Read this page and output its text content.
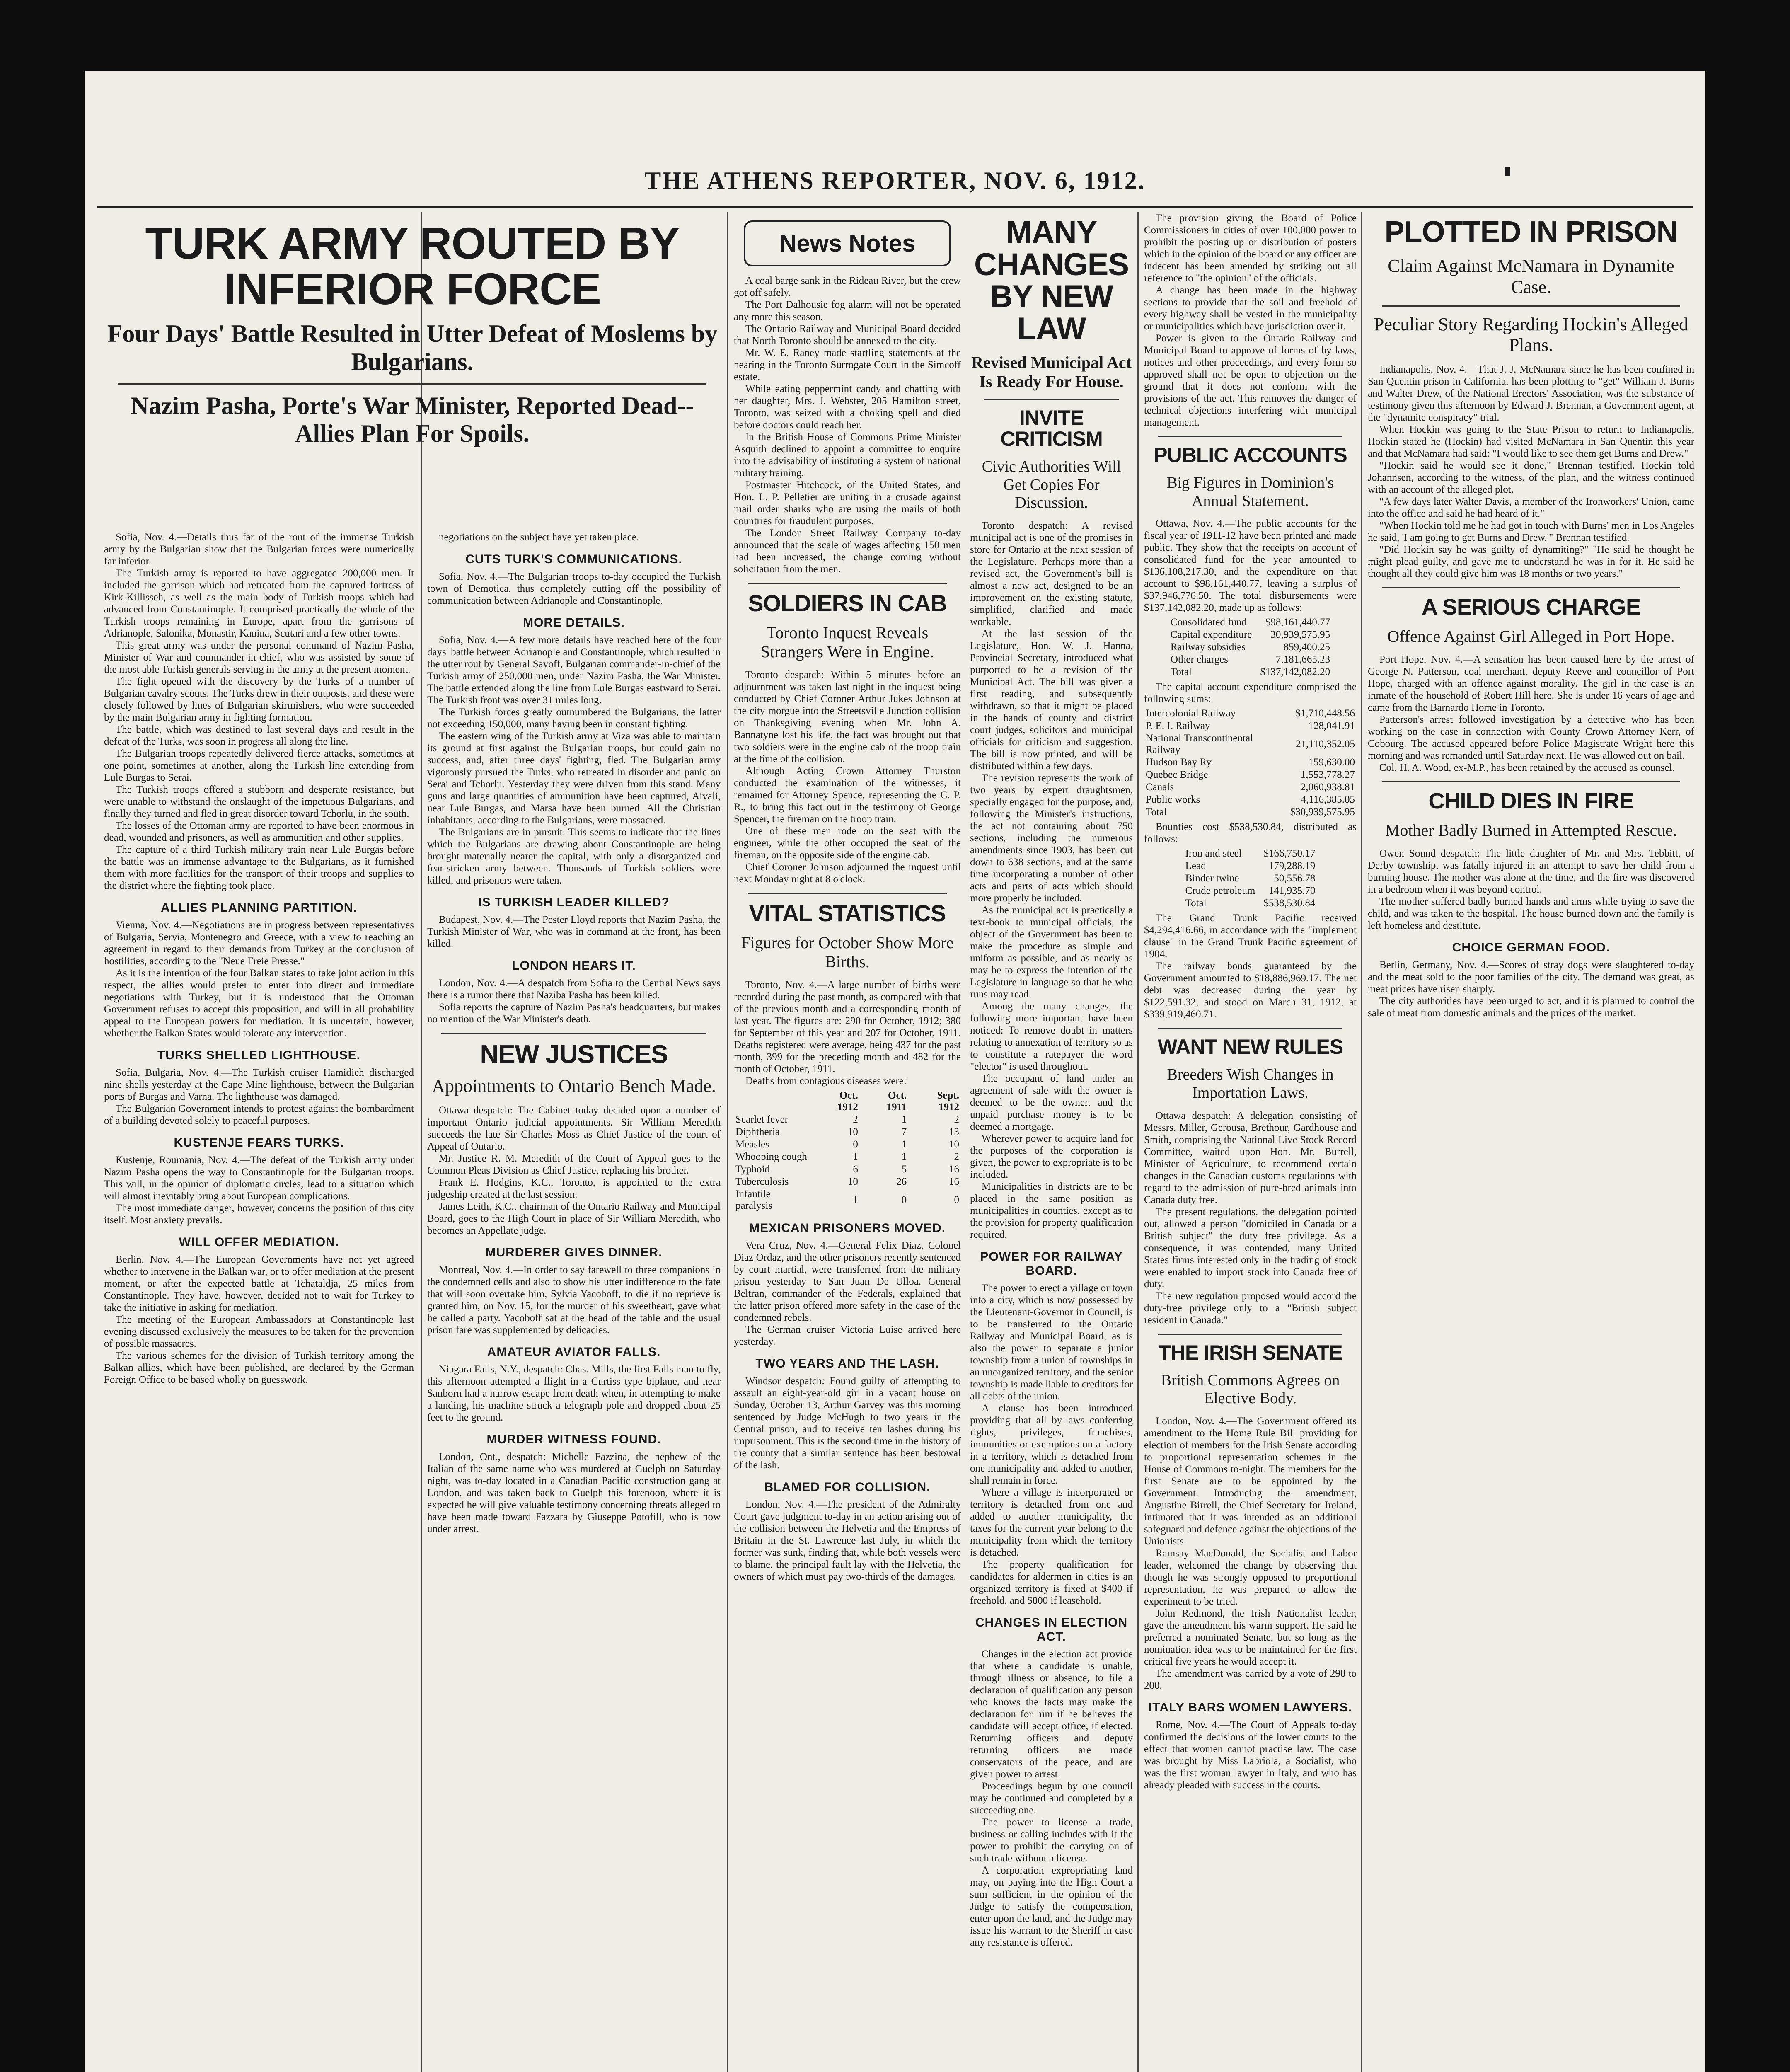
THE ATHENS REPORTER, NOV. 6, 1912.
TURK ARMY ROUTED BY INFERIOR FORCE
Four Days' Battle Resulted in Utter Defeat of Moslems by Bulgarians.
Nazim Pasha, Porte's War Minister, Reported Dead--Allies Plan For Spoils.

Sofia, Nov. 4.—Details thus far of the rout of the immense Turkish army by the Bulgarian show that the Bulgarian forces were numerically far inferior.

The Turkish army is reported to have aggregated 200,000 men. It included the garrison which had retreated from the captured fortress of Kirk-Killisseh, as well as the main body of Turkish troops which had advanced from Constantinople. It comprised practically the whole of the Turkish troops remaining in Europe, apart from the garrisons of Adrianople, Salonika, Monastir, Kanina, Scutari and a few other towns.

This great army was under the personal command of Nazim Pasha, Minister of War and commander-in-chief, who was assisted by some of the most able Turkish generals serving in the army at the present moment.

The fight opened with the discovery by the Turks of a number of Bulgarian cavalry scouts. The Turks drew in their outposts, and these were closely followed by lines of Bulgarian skirmishers, who were succeeded by the main Bulgarian army in fighting formation.

The battle, which was destined to last several days and result in the defeat of the Turks, was soon in progress all along the line.

The Bulgarian troops repeatedly delivered fierce attacks, sometimes at one point, sometimes at another, along the Turkish line extending from Lule Burgas to Serai.

The Turkish troops offered a stubborn and desperate resistance, but were unable to withstand the onslaught of the impetuous Bulgarians, and finally they turned and fled in great disorder toward Tchorlu, in the south.

The losses of the Ottoman army are reported to have been enormous in dead, wounded and prisoners, as well as ammunition and other supplies.

The capture of a third Turkish military train near Lule Burgas before the battle was an immense advantage to the Bulgarians, as it furnished them with more facilities for the transport of their troops and supplies to the district where the fighting took place.

ALLIES PLANNING PARTITION.

Vienna, Nov. 4.—Negotiations are in progress between representatives of Bulgaria, Servia, Montenegro and Greece, with a view to reaching an agreement in regard to their demands from Turkey at the conclusion of hostilities, according to the "Neue Freie Presse."

As it is the intention of the four Balkan states to take joint action in this respect, the allies would prefer to enter into direct and immediate negotiations with Turkey, but it is understood that the Ottoman Government refuses to accept this proposition, and will in all probability appeal to the European powers for mediation. It is uncertain, however, whether the Balkan States would tolerate any intervention.

TURKS SHELLED LIGHTHOUSE.

Sofia, Bulgaria, Nov. 4.—The Turkish cruiser Hamidieh discharged nine shells yesterday at the Cape Mine lighthouse, between the Bulgarian ports of Burgas and Varna. The lighthouse was damaged.

The Bulgarian Government intends to protest against the bombardment of a building devoted solely to peaceful purposes.

KUSTENJE FEARS TURKS.

Kustenje, Roumania, Nov. 4.—The defeat of the Turkish army under Nazim Pasha opens the way to Constantinople for the Bulgarian troops. This will, in the opinion of diplomatic circles, lead to a situation which will almost inevitably bring about European complications.

The most immediate danger, however, concerns the position of this city itself. Most anxiety prevails.

WILL OFFER MEDIATION.

Berlin, Nov. 4.—The European Governments have not yet agreed whether to intervene in the Balkan war, or to offer mediation at the present moment, or after the expected battle at Tchataldja, 25 miles from Constantinople. They have, however, decided not to wait for Turkey to take the initiative in asking for mediation.

The meeting of the European Ambassadors at Constantinople last evening discussed exclusively the measures to be taken for the prevention of possible massacres.

The various schemes for the division of Turkish territory among the Balkan allies, which have been published, are declared by the German Foreign Office to be based wholly on guesswork.

negotiations on the subject have yet taken place.

CUTS TURK'S COMMUNICATIONS.

Sofia, Nov. 4.—The Bulgarian troops to-day occupied the Turkish town of Demotica, thus completely cutting off the possibility of communication between Adrianople and Constantinople.

MORE DETAILS.

Sofia, Nov. 4.—A few more details have reached here of the four days' battle between Adrianople and Constantinople, which resulted in the utter rout by General Savoff, Bulgarian commander-in-chief of the Turkish army of 250,000 men, under Nazim Pasha, the War Minister. The battle extended along the line from Lule Burgas eastward to Serai. The Turkish front was over 31 miles long.

The Turkish forces greatly outnumbered the Bulgarians, the latter not exceeding 150,000, many having been in constant fighting.

The eastern wing of the Turkish army at Viza was able to maintain its ground at first against the Bulgarian troops, but could gain no success, and, after three days' fighting, fled. The Bulgarian army vigorously pursued the Turks, who retreated in disorder and panic on Serai and Tchorlu. Yesterday they were driven from this stand. Many guns and large quantities of ammunition have been captured, Aivali, near Lule Burgas, and Marsa have been burned. All the Christian inhabitants, according to the Bulgarians, were massacred.

The Bulgarians are in pursuit. This seems to indicate that the lines which the Bulgarians are drawing about Constantinople are being brought materially nearer the capital, with only a disorganized and fear-stricken army between. Thousands of Turkish soldiers were killed, and prisoners were taken.

IS TURKISH LEADER KILLED?

Budapest, Nov. 4.—The Pester Lloyd reports that Nazim Pasha, the Turkish Minister of War, who was in command at the front, has been killed.

LONDON HEARS IT.

London, Nov. 4.—A despatch from Sofia to the Central News says there is a rumor there that Naziba Pasha has been killed.

Sofia reports the capture of Nazim Pasha's headquarters, but makes no mention of the War Minister's death.

NEW JUSTICES
Appointments to Ontario Bench Made.

Ottawa despatch: The Cabinet today decided upon a number of important Ontario judicial appointments. Sir William Meredith succeeds the late Sir Charles Moss as Chief Justice of the court of Appeal of Ontario.

Mr. Justice R. M. Meredith of the Court of Appeal goes to the Common Pleas Division as Chief Justice, replacing his brother.

Frank E. Hodgins, K.C., Toronto, is appointed to the extra judgeship created at the last session.

James Leith, K.C., chairman of the Ontario Railway and Municipal Board, goes to the High Court in place of Sir William Meredith, who becomes an Appellate judge.

MURDERER GIVES DINNER.

Montreal, Nov. 4.—In order to say farewell to three companions in the condemned cells and also to show his utter indifference to the fate that will soon overtake him, Sylvia Yacoboff, to die if no reprieve is granted him, on Nov. 15, for the murder of his sweetheart, gave what he called a party. Yacoboff sat at the head of the table and the usual prison fare was supplemented by delicacies.

AMATEUR AVIATOR FALLS.

Niagara Falls, N.Y., despatch: Chas. Mills, the first Falls man to fly, this afternoon attempted a flight in a Curtiss type biplane, and near Sanborn had a narrow escape from death when, in attempting to make a landing, his machine struck a telegraph pole and dropped about 25 feet to the ground.

MURDER WITNESS FOUND.

London, Ont., despatch: Michelle Fazzina, the nephew of the Italian of the same name who was murdered at Guelph on Saturday night, was to-day located in a Canadian Pacific construction gang at London, and was taken back to Guelph this forenoon, where it is expected he will give valuable testimony concerning threats alleged to have been made toward Fazzara by Giuseppe Potofill, who is now under arrest.

News Notes

A coal barge sank in the Rideau River, but the crew got off safely.

The Port Dalhousie fog alarm will not be operated any more this season.

The Ontario Railway and Municipal Board decided that North Toronto should be annexed to the city.

Mr. W. E. Raney made startling statements at the hearing in the Toronto Surrogate Court in the Simcoff estate.

While eating peppermint candy and chatting with her daughter, Mrs. J. Webster, 205 Hamilton street, Toronto, was seized with a choking spell and died before doctors could reach her.

In the British House of Commons Prime Minister Asquith declined to appoint a committee to enquire into the advisability of instituting a system of national military training.

Postmaster Hitchcock, of the United States, and Hon. L. P. Pelletier are uniting in a crusade against mail order sharks who are using the mails of both countries for fraudulent purposes.

The London Street Railway Company to-day announced that the scale of wages affecting 150 men had been increased, the change coming without solicitation from the men.

SOLDIERS IN CAB
Toronto Inquest Reveals Strangers Were in Engine.

Toronto despatch: Within 5 minutes before an adjournment was taken last night in the inquest being conducted by Chief Coroner Arthur Jukes Johnson at the city morgue into the Streetsville Junction collision on Thanksgiving evening when Mr. John A. Bannatyne lost his life, the fact was brought out that two soldiers were in the engine cab of the troop train at the time of the collision.

Although Acting Crown Attorney Thurston conducted the examination of the witnesses, it remained for Attorney Spence, representing the C. P. R., to bring this fact out in the testimony of George Spencer, the fireman on the troop train.

One of these men rode on the seat with the engineer, while the other occupied the seat of the fireman, on the opposite side of the engine cab.

Chief Coroner Johnson adjourned the inquest until next Monday night at 8 o'clock.

VITAL STATISTICS
Figures for October Show More Births.

Toronto, Nov. 4.—A large number of births were recorded during the past month, as compared with that of the previous month and a corresponding month of last year. The figures are: 290 for October, 1912; 380 for September of this year and 207 for October, 1911. Deaths registered were average, being 437 for the past month, 399 for the preceding month and 482 for the month of October, 1911.

Deaths from contagious diseases were:

	Oct. 1912	Oct. 1911	Sept. 1912
Scarlet fever	2	1	2
Diphtheria	10	7	13
Measles	0	1	10
Whooping cough	1	1	2
Typhoid	6	5	16
Tuberculosis	10	26	16
Infantile paralysis	1	0	0
MEXICAN PRISONERS MOVED.

Vera Cruz, Nov. 4.—General Felix Diaz, Colonel Diaz Ordaz, and the other prisoners recently sentenced by court martial, were transferred from the military prison yesterday to San Juan De Ulloa. General Beltran, commander of the Federals, explained that the latter prison offered more safety in the case of the condemned rebels.

The German cruiser Victoria Luise arrived here yesterday.

TWO YEARS AND THE LASH.

Windsor despatch: Found guilty of attempting to assault an eight-year-old girl in a vacant house on Sunday, October 13, Arthur Garvey was this morning sentenced by Judge McHugh to two years in the Central prison, and to receive ten lashes during his imprisonment. This is the second time in the history of the county that a similar sentence has been bestowal of the lash.

BLAMED FOR COLLISION.

London, Nov. 4.—The president of the Admiralty Court gave judgment to-day in an action arising out of the collision between the Helvetia and the Empress of Britain in the St. Lawrence last July, in which the former was sunk, finding that, while both vessels were to blame, the principal fault lay with the Helvetia, the owners of which must pay two-thirds of the damages.

MANY CHANGES BY NEW LAW
Revised Municipal Act Is Ready For House.
INVITE CRITICISM
Civic Authorities Will Get Copies For Discussion.

Toronto despatch: A revised municipal act is one of the promises in store for Ontario at the next session of the Legislature. Perhaps more than a revised act, the Government's bill is almost a new act, designed to be an improvement on the existing statute, simplified, clarified and made workable.

At the last session of the Legislature, Hon. W. J. Hanna, Provincial Secretary, introduced what purported to be a revision of the Municipal Act. The bill was given a first reading, and subsequently withdrawn, so that it might be placed in the hands of county and district court judges, solicitors and municipal officials for criticism and suggestion. The bill is now printed, and will be distributed within a few days.

The revision represents the work of two years by expert draughtsmen, specially engaged for the purpose, and, following the Minister's instructions, the act not containing about 750 sections, including the numerous amendments since 1903, has been cut down to 638 sections, and at the same time incorporating a number of other acts and parts of acts which should more properly be included.

As the municipal act is practically a text-book to municipal officials, the object of the Government has been to make the procedure as simple and uniform as possible, and as nearly as may be to express the intention of the Legislature in language so that he who runs may read.

Among the many changes, the following more important have been noticed: To remove doubt in matters relating to annexation of territory so as to constitute a ratepayer the word "elector" is used throughout.

The occupant of land under an agreement of sale with the owner is deemed to be the owner, and the unpaid purchase money is to be deemed a mortgage.

Wherever power to acquire land for the purposes of the corporation is given, the power to expropriate is to be included.

Municipalities in districts are to be placed in the same position as municipalities in counties, except as to the provision for property qualification required.

POWER FOR RAILWAY BOARD.

The power to erect a village or town into a city, which is now possessed by the Lieutenant-Governor in Council, is to be transferred to the Ontario Railway and Municipal Board, as is also the power to separate a junior township from a union of townships in an unorganized territory, and the senior township is made liable to creditors for all debts of the union.

A clause has been introduced providing that all by-laws conferring rights, privileges, franchises, immunities or exemptions on a factory in a territory, which is detached from one municipality and added to another, shall remain in force.

Where a village is incorporated or territory is detached from one and added to another municipality, the taxes for the current year belong to the municipality from which the territory is detached.

The property qualification for candidates for aldermen in cities is an organized territory is fixed at $400 if freehold, and $800 if leasehold.

CHANGES IN ELECTION ACT.

Changes in the election act provide that where a candidate is unable, through illness or absence, to file a declaration of qualification any person who knows the facts may make the declaration for him if he believes the candidate will accept office, if elected. Returning officers and deputy returning officers are made conservators of the peace, and are given power to arrest.

Proceedings begun by one council may be continued and completed by a succeeding one.

The power to license a trade, business or calling includes with it the power to prohibit the carrying on of such trade without a license.

A corporation expropriating land may, on paying into the High Court a sum sufficient in the opinion of the Judge to satisfy the compensation, enter upon the land, and the Judge may issue his warrant to the Sheriff in case any resistance is offered.

The provision giving the Board of Police Commissioners in cities of over 100,000 power to prohibit the posting up or distribution of posters which in the opinion of the board or any officer are indecent has been amended by striking out all reference to "the opinion" of the officials.

A change has been made in the highway sections to provide that the soil and freehold of every highway shall be vested in the municipality or municipalities which have jurisdiction over it.

Power is given to the Ontario Railway and Municipal Board to approve of forms of by-laws, notices and other proceedings, and every form so approved shall not be open to objection on the ground that it does not conform with the provisions of the act. This removes the danger of technical objections interfering with municipal management.

PUBLIC ACCOUNTS
Big Figures in Dominion's Annual Statement.

Ottawa, Nov. 4.—The public accounts for the fiscal year of 1911-12 have been printed and made public. They show that the receipts on account of consolidated fund for the year amounted to $136,108,217.30, and the expenditure on that account to $98,161,440.77, leaving a surplus of $37,946,776.50. The total disbursements were $137,142,082.20, made up as follows:

Consolidated fund	$98,161,440.77
Capital expenditure	30,939,575.95
Railway subsidies	859,400.25
Other charges	7,181,665.23
Total	$137,142,082.20

The capital account expenditure comprised the following sums:

Intercolonial Railway	$1,710,448.56
P. E. I. Railway	128,041.91
National Transcontinental Railway	21,110,352.05
Hudson Bay Ry.	159,630.00
Quebec Bridge	1,553,778.27
Canals	2,060,938.81
Public works	4,116,385.05
Total	$30,939,575.95

Bounties cost $538,530.84, distributed as follows:

Iron and steel	$166,750.17
Lead	179,288.19
Binder twine	50,556.78
Crude petroleum	141,935.70
Total	$538,530.84

The Grand Trunk Pacific received $4,294,416.66, in accordance with the "implement clause" in the Grand Trunk Pacific agreement of 1904.

The railway bonds guaranteed by the Government amounted to $18,886,969.17. The net debt was decreased during the year by $122,591.32, and stood on March 31, 1912, at $339,919,460.71.

WANT NEW RULES
Breeders Wish Changes in Importation Laws.

Ottawa despatch: A delegation consisting of Messrs. Miller, Gerousa, Brethour, Gardhouse and Smith, comprising the National Live Stock Record Committee, waited upon Hon. Mr. Burrell, Minister of Agriculture, to recommend certain changes in the Canadian customs regulations with regard to the admission of pure-bred animals into Canada duty free.

The present regulations, the delegation pointed out, allowed a person "domiciled in Canada or a British subject" the duty free privilege. As a consequence, it was contended, many United States firms interested only in the trading of stock were enabled to import stock into Canada free of duty.

The new regulation proposed would accord the duty-free privilege only to a "British subject resident in Canada."

THE IRISH SENATE
British Commons Agrees on Elective Body.

London, Nov. 4.—The Government offered its amendment to the Home Rule Bill providing for election of members for the Irish Senate according to proportional representation schemes in the House of Commons to-night. The members for the first Senate are to be appointed by the Government. Introducing the amendment, Augustine Birrell, the Chief Secretary for Ireland, intimated that it was intended as an additional safeguard and defence against the objections of the Unionists.

Ramsay MacDonald, the Socialist and Labor leader, welcomed the change by observing that though he was strongly opposed to proportional representation, he was prepared to allow the experiment to be tried.

John Redmond, the Irish Nationalist leader, gave the amendment his warm support. He said he preferred a nominated Senate, but so long as the nomination idea was to be maintained for the first critical five years he would accept it.

The amendment was carried by a vote of 298 to 200.

ITALY BARS WOMEN LAWYERS.

Rome, Nov. 4.—The Court of Appeals to-day confirmed the decisions of the lower courts to the effect that women cannot practise law. The case was brought by Miss Labriola, a Socialist, who was the first woman lawyer in Italy, and who has already pleaded with success in the courts.

PLOTTED IN PRISON
Claim Against McNamara in Dynamite Case.
Peculiar Story Regarding Hockin's Alleged Plans.

Indianapolis, Nov. 4.—That J. J. McNamara since he has been confined in San Quentin prison in California, has been plotting to "get" William J. Burns and Walter Drew, of the National Erectors' Association, was the substance of testimony given this afternoon by Edward J. Brennan, a Government agent, at the "dynamite conspiracy" trial.

When Hockin was going to the State Prison to return to Indianapolis, Hockin stated he (Hockin) had visited McNamara in San Quentin this year and that McNamara had said: "I would like to see them get Burns and Drew."

"Hockin said he would see it done," Brennan testified. Hockin told Johannsen, according to the witness, of the plan, and the witness continued with an account of the alleged plot.

"A few days later Walter Davis, a member of the Ironworkers' Union, came into the office and said he had heard of it."

"When Hockin told me he had got in touch with Burns' men in Los Angeles he said, 'I am going to get Burns and Drew,'" Brennan testified.

"Did Hockin say he was guilty of dynamiting?" "He said he thought he might plead guilty, and gave me to understand he was in for it. He said he thought all they could give him was 18 months or two years."

A SERIOUS CHARGE
Offence Against Girl Alleged in Port Hope.

Port Hope, Nov. 4.—A sensation has been caused here by the arrest of George N. Patterson, coal merchant, deputy Reeve and councillor of Port Hope, charged with an offence against morality. The girl in the case is an inmate of the household of Robert Hill here. She is under 16 years of age and came from the Barnardo Home in Toronto.

Patterson's arrest followed investigation by a detective who has been working on the case in connection with County Crown Attorney Kerr, of Cobourg. The accused appeared before Police Magistrate Wright here this morning and was remanded until Saturday next. He was allowed out on bail.

Col. H. A. Wood, ex-M.P., has been retained by the accused as counsel.

CHILD DIES IN FIRE
Mother Badly Burned in Attempted Rescue.

Owen Sound despatch: The little daughter of Mr. and Mrs. Tebbitt, of Derby township, was fatally injured in an attempt to save her child from a burning house. The mother was alone at the time, and the fire was discovered in a bedroom when it was beyond control.

The mother suffered badly burned hands and arms while trying to save the child, and was taken to the hospital. The house burned down and the family is left homeless and destitute.

CHOICE GERMAN FOOD.

Berlin, Germany, Nov. 4.—Scores of stray dogs were slaughtered to-day and the meat sold to the poor families of the city. The demand was great, as meat prices have risen sharply.

The city authorities have been urged to act, and it is planned to control the sale of meat from domestic animals and the prices of the market.
